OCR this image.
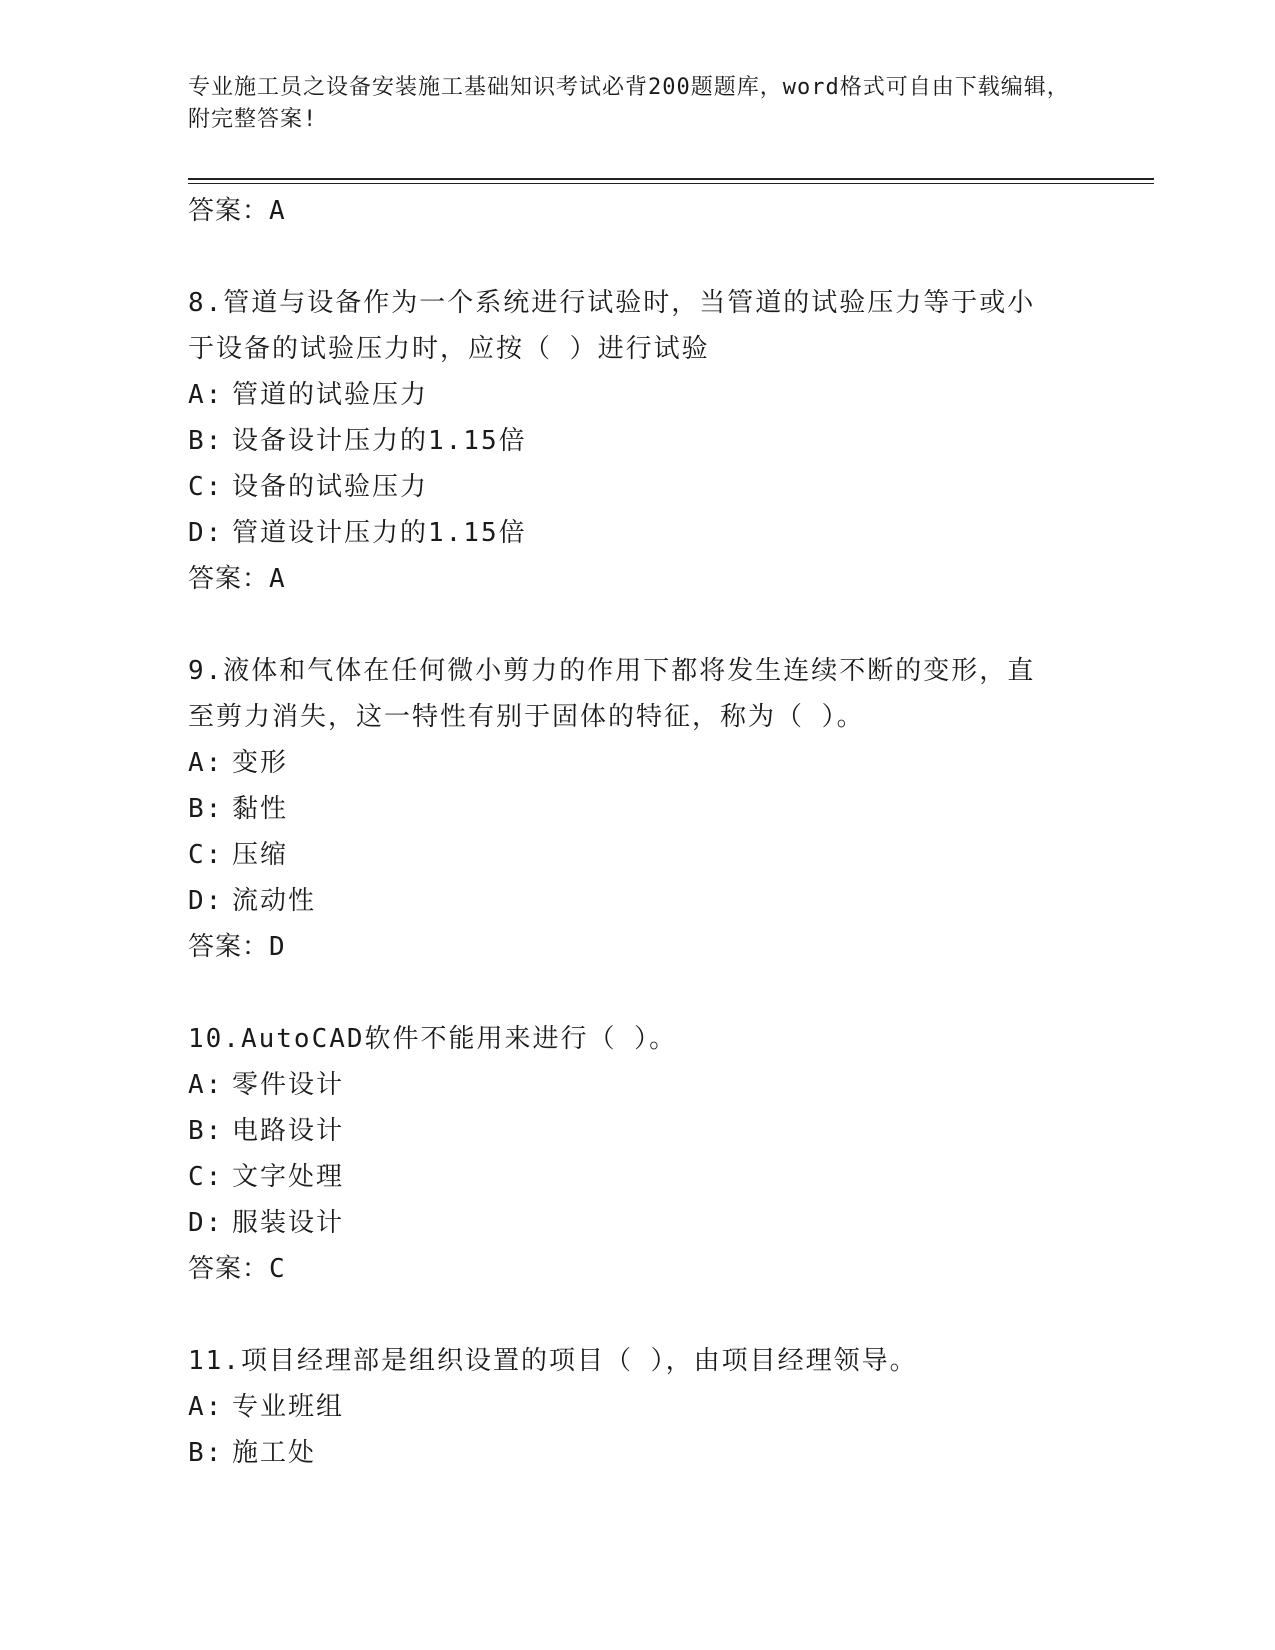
专业施工员之设备安装施工基础知识考试必背200题题库，word格式可自由下载编辑，附完整答案!
答案：A
8.管道与设备作为一个系统进行试验时，当管道的试验压力等于或小
于设备的试验压力时，应按（ ）进行试验
A: 管道的试验压力
B: 设备设计压力的1.15倍
C: 设备的试验压力
D: 管道设计压力的1.15倍
答案：A
9.液体和气体在任何微小剪力的作用下都将发生连续不断的变形，直
至剪力消失，这一特性有别于固体的特征，称为（ ）。
A: 变形
B: 黏性
C: 压缩
D: 流动性
答案：D
10.AutoCAD软件不能用来进行（ ）。
A: 零件设计
B: 电路设计
C: 文字处理
D: 服装设计
答案：C
11.项目经理部是组织设置的项目（ ），由项目经理领导。
A: 专业班组
B: 施工处
